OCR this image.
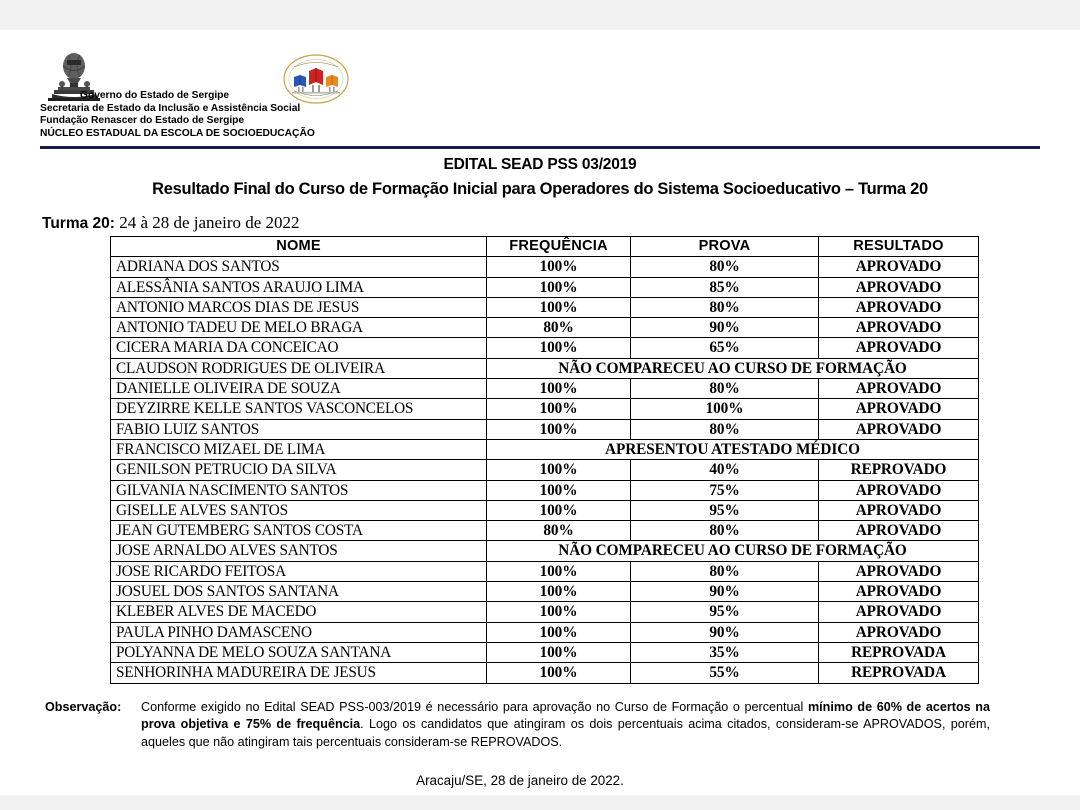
Governo do Estado de Sergipe
Secretaria de Estado da Inclusão e Assistência Social
Fundação Renascer do Estado de Sergipe
NÚCLEO ESTADUAL DA ESCOLA DE SOCIOEDUCAÇÃO
EDITAL SEAD PSS 03/2019
Resultado Final do Curso de Formação Inicial para Operadores do Sistema Socioeducativo – Turma 20
Turma 20: 24 à 28 de janeiro de 2022
NOME	FREQUÊNCIA	PROVA	RESULTADO
ADRIANA DOS SANTOS	100%	80%	APROVADO
ALESSÂNIA SANTOS ARAUJO LIMA	100%	85%	APROVADO
ANTONIO MARCOS DIAS DE JESUS	100%	80%	APROVADO
ANTONIO TADEU DE MELO BRAGA	80%	90%	APROVADO
CICERA MARIA DA CONCEICAO	100%	65%	APROVADO
CLAUDSON RODRIGUES DE OLIVEIRA	NÃO COMPARECEU AO CURSO DE FORMAÇÃO		
DANIELLE OLIVEIRA DE SOUZA	100%	80%	APROVADO
DEYZIRRE KELLE SANTOS VASCONCELOS	100%	100%	APROVADO
FABIO LUIZ SANTOS	100%	80%	APROVADO
FRANCISCO MIZAEL DE LIMA	APRESENTOU ATESTADO MÉDICO		
GENILSON PETRUCIO DA SILVA	100%	40%	REPROVADO
GILVANIA NASCIMENTO SANTOS	100%	75%	APROVADO
GISELLE ALVES SANTOS	100%	95%	APROVADO
JEAN GUTEMBERG SANTOS COSTA	80%	80%	APROVADO
JOSE ARNALDO ALVES SANTOS	NÃO COMPARECEU AO CURSO DE FORMAÇÃO		
JOSE RICARDO FEITOSA	100%	80%	APROVADO
JOSUEL DOS SANTOS SANTANA	100%	90%	APROVADO
KLEBER ALVES DE MACEDO	100%	95%	APROVADO
PAULA PINHO DAMASCENO	100%	90%	APROVADO
POLYANNA DE MELO SOUZA SANTANA	100%	35%	REPROVADA
SENHORINHA MADUREIRA DE JESUS	100%	55%	REPROVADA
Observação: Conforme exigido no Edital SEAD PSS-003/2019 é necessário para aprovação no Curso de Formação o percentual mínimo de 60% de acertos na prova objetiva e 75% de frequência. Logo os candidatos que atingiram os dois percentuais acima citados, consideram-se APROVADOS, porém, aqueles que não atingiram tais percentuais consideram-se REPROVADOS.
Aracaju/SE, 28 de janeiro de 2022.
